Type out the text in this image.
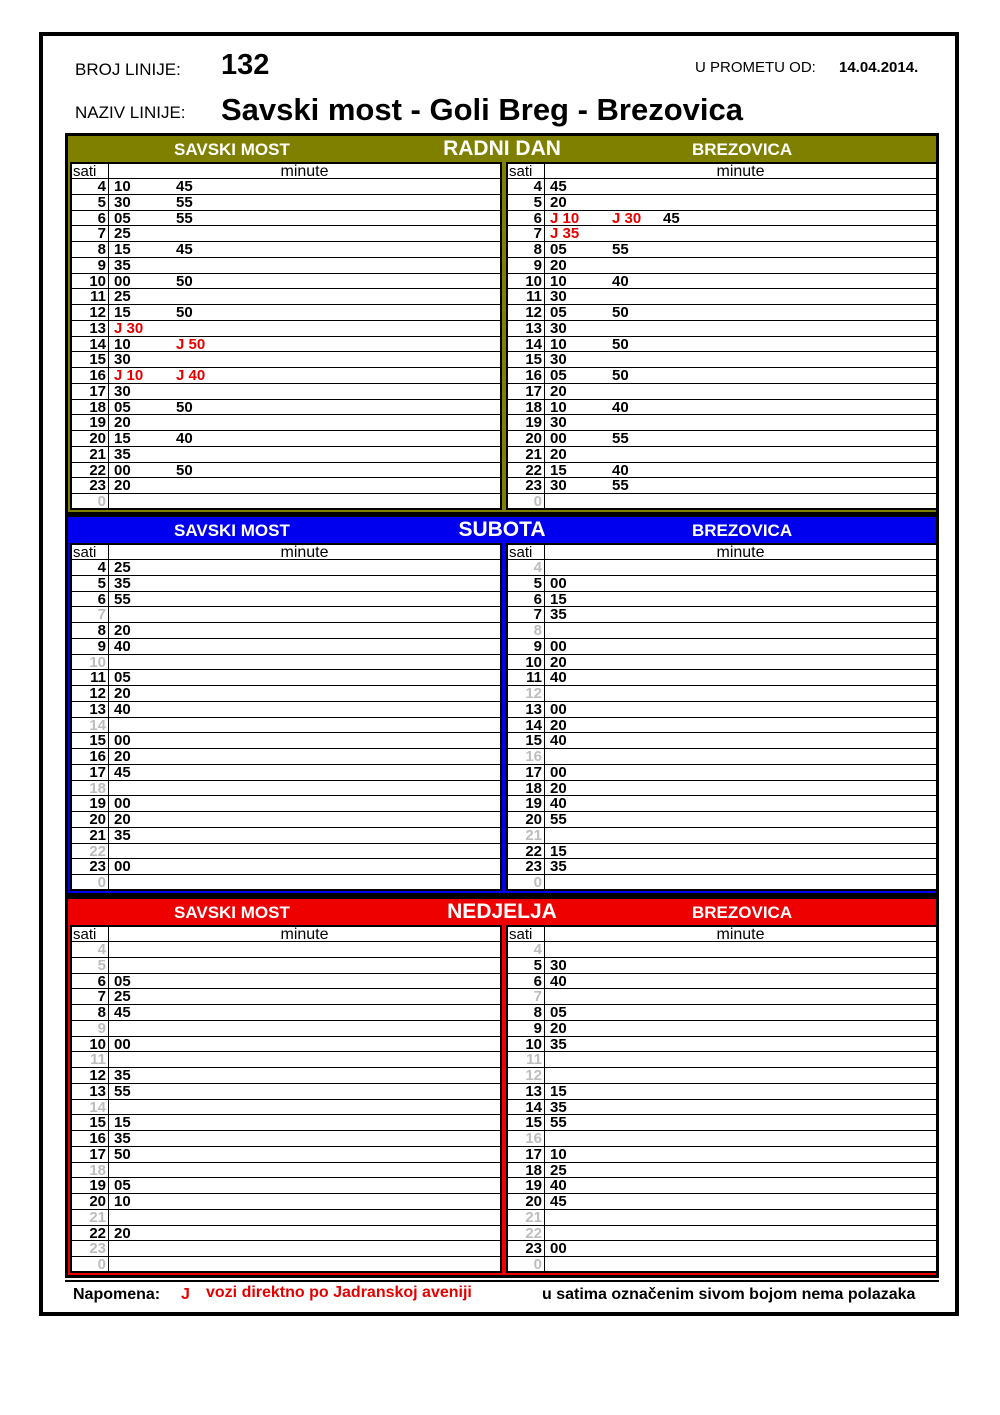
BROJ LINIJE: 132	U PROMETU OD: 14.04.2014.
NAZIV LINIJE: Savski most - Goli Breg - Brezovica
SAVSKI MOST	RADNI DAN	BREZOVICA
sati	minute
4 10	45
5 30	55
6 05	55
7 25
8 15	45
9 35
10 00	50
11 25
12 15	50
13 J 30
14 10	J 50
15 30
16 J 10 J 40
17 30
18 05	50
19 20
20 15	40
21 35
22 00	50
23 20
0
sati	minute
4 45
5 20
6 J 10 J 30 45
7 J 35
8 05	55
9 20
10 10	40
11 30
12 05	50
13 30
14 10	50
15 30
16 05	50
17 20
18 10	40
19 30
20 00	55
21 20
22 15	40
23 30	55
0
SAVSKI MOST	SUBOTA	BREZOVICA
sati	minute
4 25
5 35
6 55
7
8 20
9 40
10
11 05
12 20
13 40
14
15 00
16 20
17 45
18
19 00
20 20
21 35
22
23 00
0
sati	minute
4
5 00
6 15
7 35
8
9 00
10 20
11 40
12
13 00
14 20
15 40
16
17 00
18 20
19 40
20 55
21
22 15
23 35
0
SAVSKI MOST	NEDJELJA	BREZOVICA
sati	minute
4
5
6 05
7 25
8 45
9
10 00
11
12 35
13 55
14
15 15
16 35
17 50
18
19 05
20 10
21
22 20
23
0
sati	minute
4
5 30
6 40
7
8 05
9 20
10 35
11
12
13 15
14 35
15 55
16
17 10
18 25
19 40
20 45
21
22
23 00
0
Napomena: J vozi direktno po Jadranskoj aveniji	u satima označenim sivom bojom nema polazaka
